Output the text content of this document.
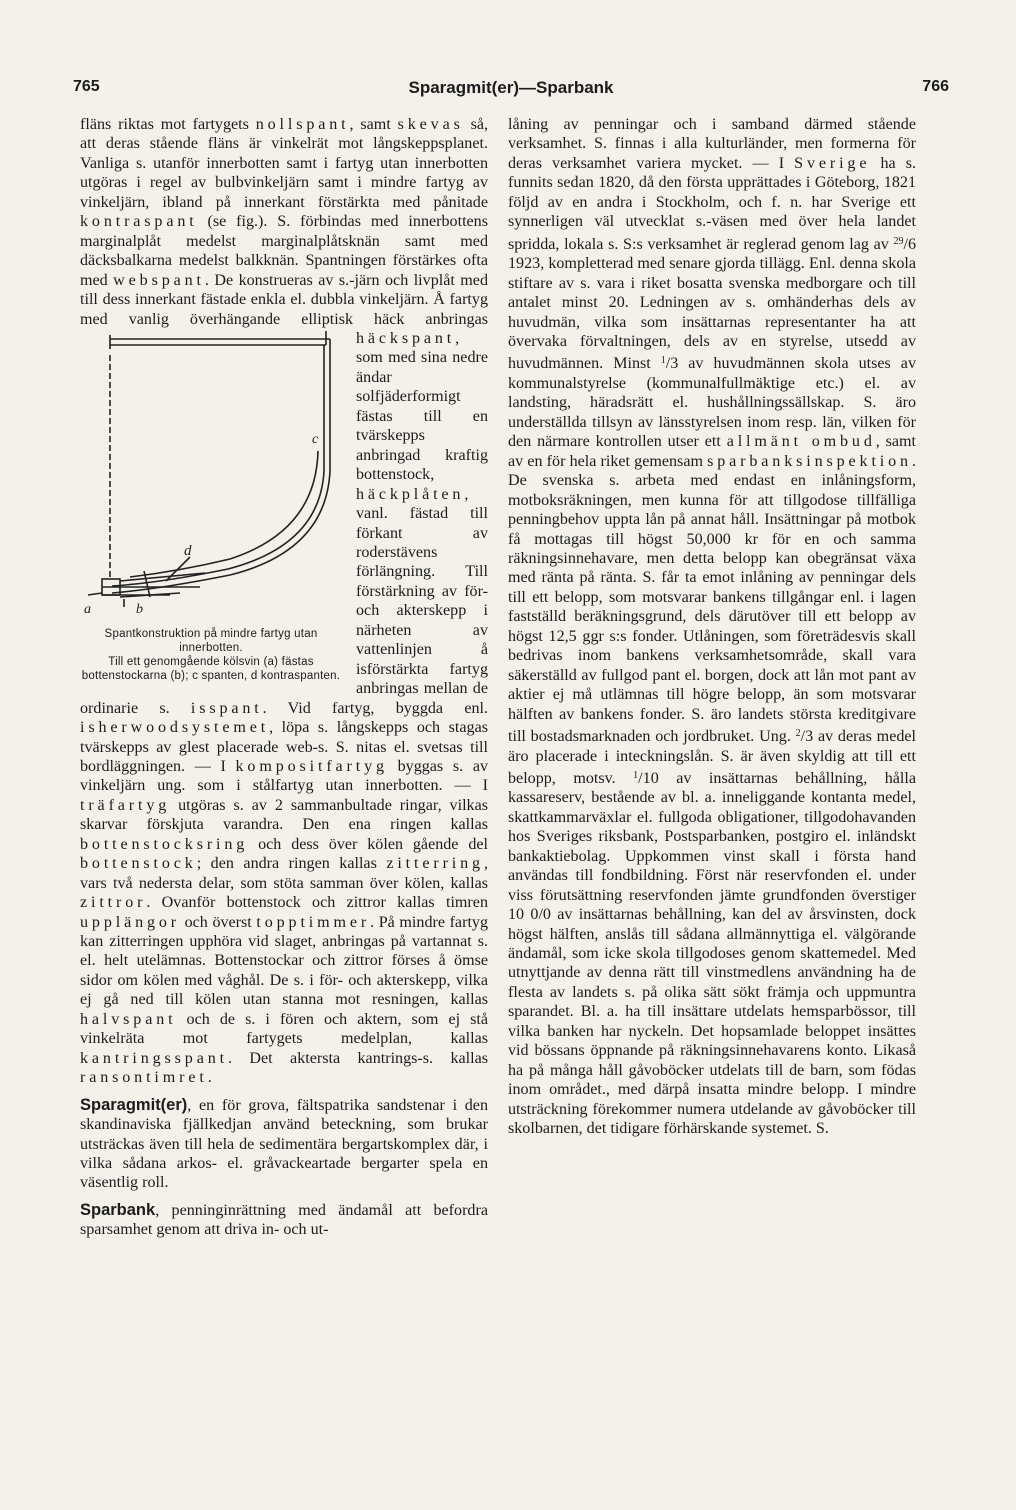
765	Sparagmit(er)—Sparbank	766

fläns riktas mot fartygets nollspant, samt skevas så, att deras stående fläns är vinkelrät mot långskeppsplanet. Vanliga s. utanför innerbotten samt i fartyg utan innerbotten utgöras i regel av bulbvinkeljärn samt i mindre fartyg av vinkeljärn, ibland på innerkant förstärkta med pånitade kontraspant (se fig.). S. förbindas med innerbottens marginalplåt medelst marginalplåtsknän samt med däcksbalkarna medelst balkknän. Spantningen förstärkes ofta med webspant. De konstrueras av s.-järn och livplåt med till dess innerkant fästade enkla el. dubbla vinkeljärn. Å fartyg med vanlig överhängande elliptisk häck anbringas
c
d
a	b
Spantkonstruktion på mindre fartyg utan innerbotten.
Till ett genomgående kölsvin (a) fästas bottenstockarna (b); c spanten, d kontraspanten.
häckspant, som med sina nedre ändar solfjäderformigt fästas till en tvärskepps anbringad kraftig bottenstock, häckplåten, vanl. fästad till förkant av roderstävens förlängning. Till förstärkning av för- och akterskepp i närheten av vattenlinjen å isförstärkta fartyg anbringas mellan de ordinarie s. isspant. Vid fartyg, byggda enl. isherwoodsystemet, löpa s. långskepps och stagas tvärskepps av glest placerade web-s. S. nitas el. svetsas till bordläggningen. — I kompositfartyg byggas s. av vinkeljärn ung. som i stålfartyg utan innerbotten. — I träfartyg utgöras s. av 2 sammanbultade ringar, vilkas skarvar förskjuta varandra. Den ena ringen kallas bottenstocksring och dess över kölen gående del bottenstock; den andra ringen kallas zitterring, vars två nedersta delar, som stöta samman över kölen, kallas zittror. Ovanför bottenstock och zittror kallas timren upplängor och överst topptimmer. På mindre fartyg kan zitterringen upphöra vid slaget, anbringas på vartannat s. el. helt utelämnas. Bottenstockar och zittror förses å ömse sidor om kölen med våghål. De s. i för- och akterskepp, vilka ej gå ned till kölen utan stanna mot resningen, kallas halvspant och de s. i fören och aktern, som ej stå vinkelräta mot fartygets medelplan, kallas kantringsspant. Det aktersta kantrings-s. kallas ransontimret.

Sparagmit(er), en för grova, fältspatrika sandstenar i den skandinaviska fjällkedjan använd beteckning, som brukar utsträckas även till hela de sedimentära bergartskomplex där, i vilka sådana arkos- el. gråvackeartade bergarter spela en väsentlig roll.

Sparbank, penninginrättning med ändamål att befordra sparsamhet genom att driva in- och ut-

låning av penningar och i samband därmed stående verksamhet. S. finnas i alla kulturländer, men formerna för deras verksamhet variera mycket. — I Sverige ha s. funnits sedan 1820, då den första upprättades i Göteborg, 1821 följd av en andra i Stockholm, och f. n. har Sverige ett synnerligen väl utvecklat s.-väsen med över hela landet spridda, lokala s. S:s verksamhet är reglerad genom lag av $^{29}$/6 1923, kompletterad med senare gjorda tillägg. Enl. denna skola stiftare av s. vara i riket bosatta svenska medborgare och till antalet minst 20. Ledningen av s. omhänderhas dels av huvudmän, vilka som insättarnas representanter ha att övervaka förvaltningen, dels av en styrelse, utsedd av huvudmännen. Minst $^1$/3 av huvudmännen skola utses av kommunalstyrelse (kommunalfullmäktige etc.) el. av landsting, häradsrätt el. hushållningssällskap. S. äro underställda tillsyn av länsstyrelsen inom resp. län, vilken för den närmare kontrollen utser ett allmänt ombud, samt av en för hela riket gemensam sparbanksinspektion. De svenska s. arbeta med endast en inlåningsform, motboksräkningen, men kunna för att tillgodose tillfälliga penningbehov uppta lån på annat håll. Insättningar på motbok få mottagas till högst 50,000 kr för en och samma räkningsinnehavare, men detta belopp kan obegränsat växa med ränta på ränta. S. får ta emot inlåning av penningar dels till ett belopp, som motsvarar bankens tillgångar enl. i lagen fastställd beräkningsgrund, dels därutöver till ett belopp av högst 12,5 ggr s:s fonder. Utlåningen, som företrädesvis skall bedrivas inom bankens verksamhetsområde, skall vara säkerställd av fullgod pant el. borgen, dock att lån mot pant av aktier ej må utlämnas till högre belopp, än som motsvarar hälften av bankens fonder. S. äro landets största kreditgivare till bostadsmarknaden och jordbruket. Ung. $^2$/3 av deras medel äro placerade i inteckningslån. S. är även skyldig att till ett belopp, motsv. $^1$/10 av insättarnas behållning, hålla kassareserv, bestående av bl. a. inneliggande kontanta medel, skattkammarväxlar el. fullgoda obligationer, tillgodohavanden hos Sveriges riksbank, Postsparbanken, postgiro el. inländskt bankaktiebolag. Uppkommen vinst skall i första hand användas till fondbildning. Först när reservfonden el. under viss förutsättning reservfonden jämte grundfonden överstiger 10 0/0 av insättarnas behållning, kan del av årsvinsten, dock högst hälften, anslås till sådana allmännyttiga el. välgörande ändamål, som icke skola tillgodoses genom skattemedel. Med utnyttjande av denna rätt till vinstmedlens användning ha de flesta av landets s. på olika sätt sökt främja och uppmuntra sparandet. Bl. a. ha till insättare utdelats hemsparbössor, till vilka banken har nyckeln. Det hopsamlade beloppet insättes vid bössans öppnande på räkningsinnehavarens konto. Likaså ha på många håll gåvoböcker utdelats till de barn, som födas inom området., med därpå insatta mindre belopp. I mindre utsträckning förekommer numera utdelande av gåvoböcker till skolbarnen, det tidigare förhärskande systemet. S.
